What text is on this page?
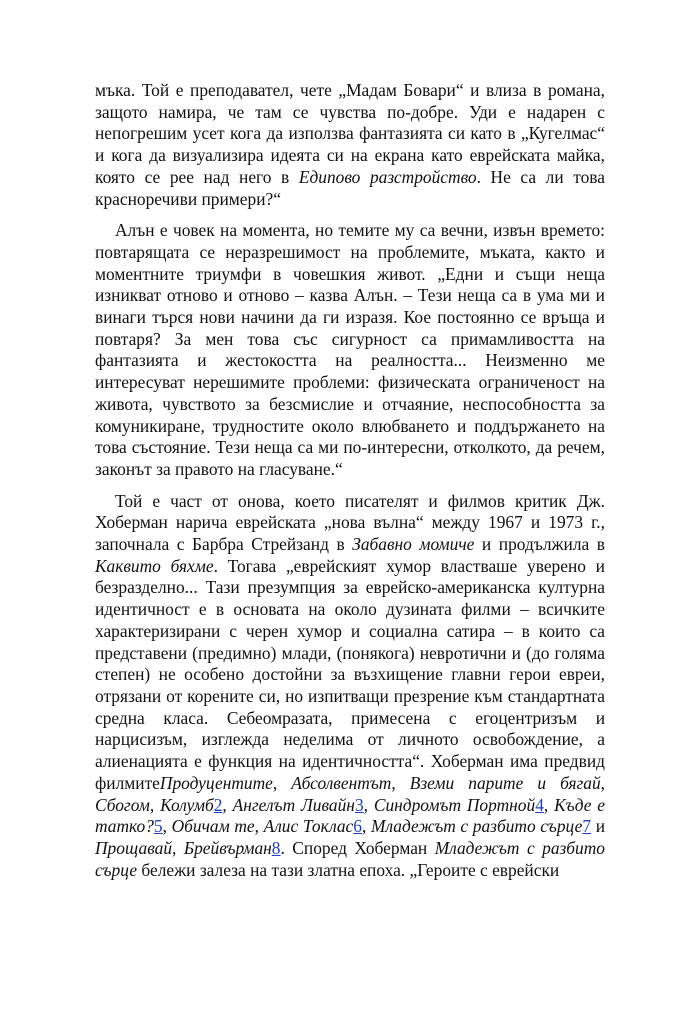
мъка. Той е преподавател, чете „Мадам Бовари“ и влиза в романа, защото намира, че там се чувства по-добре. Уди е надарен с непогрешим усет кога да използва фантазията си като в „Кугелмас“ и кога да визуализира идеята си на екрана като еврейската майка, която се рее над него в Едипово разстройство. Не са ли това красноречиви примери?“

Алън е човек на момента, но темите му са вечни, извън времето: повтарящата се неразрешимост на проблемите, мъката, както и моментните триумфи в човешкия живот. „Едни и същи неща изникват отново и отново – казва Алън. – Тези неща са в ума ми и винаги търся нови начини да ги изразя. Кое постоянно се връща и повтаря? За мен това със сигурност са примамливостта на фантазията и жестокостта на реалността... Неизменно ме интересуват нерешимите проблеми: физическата ограниченост на живота, чувството за безсмислие и отчаяние, неспособността за комуникиране, трудностите около влюбването и поддържането на това състояние. Тези неща са ми по-интересни, отколкото, да речем, законът за правото на гласуване.“

Той е част от онова, което писателят и филмов критик Дж. Хоберман нарича еврейската „нова вълна“ между 1967 и 1973 г., започнала с Барбра Стрейзанд в Забавно момиче и продължила в Каквито бяхме. Тогава „еврейският хумор властваше уверено и безразделно... Тази презумпция за еврейско-американска културна идентичност е в основата на около дузината филми – всичките характеризирани с черен хумор и социална сатира – в които са представени (предимно) млади, (понякога) невротични и (до голяма степен) не особено достойни за възхищение главни герои евреи, отрязани от корените си, но изпитващи презрение към стандартната средна класа. Себеомразата, примесена с егоцентризъм и нарцисизъм, изглежда неделима от личното освобождение, а алиенацията е функция на идентичността“. Хоберман има предвид филмитеПродуцентите, Абсолвентът, Вземи парите и бягай, Сбогом, Колумб2, Ангелът Ливайн3, Синдромът Портной4, Къде е татко?5, Обичам те, Алис Токлас6, Младежът с разбито сърце7 и Прощавай, Брейвърман8. Според Хоберман Младежът с разбито сърце бележи залеза на тази златна епоха. „Героите с еврейски
